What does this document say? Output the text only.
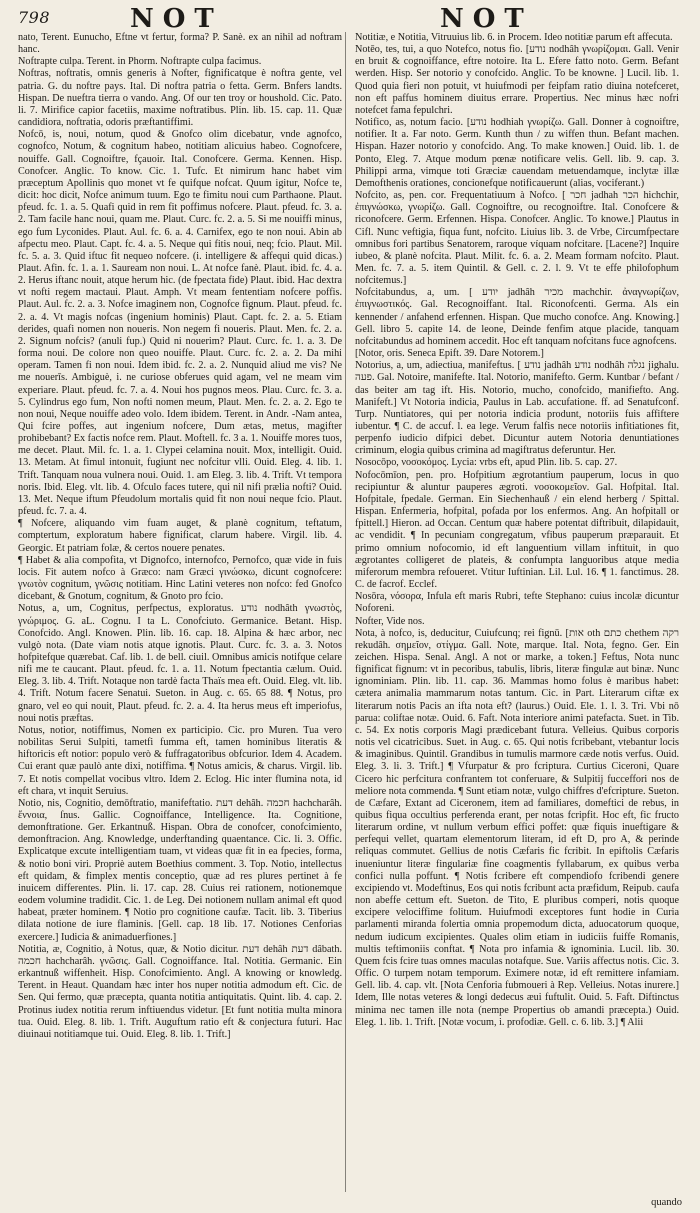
798	NOT	NOT

nato, Terent. Eunucho, Eftne vt fertur, forma? P. Sanè. ex an nihil ad noftram hanc.

Noftrapte culpa. Terent. in Phorm. Noftrapte culpa facimus.

Noftras, noftratis, omnis generis à Nofter, fignificatque è noftra gente, vel patria. G. du noftre pays. Ital. Di noftra patria o fetta. Germ. Bnfers landts. Hispan. De nueftra tierra o vando. Ang. Of our ten troy or houshold. Cic. Pato. li. 7. Mirifice capior facetiis, maxime noftratibus. Plin. lib. 15. cap. 11. Quæ candidiora, noftratia, odoris præftantiffimi.

Nofcō, is, noui, notum, quod & Gnofco olim dicebatur, vnde agnofco, cognofco, Notum, & cognitum habeo, notitiam alicuius habeo. Cognofcere, nouiffe. Gall. Cognoiftre, fçauoir. Ital. Conofcere. Germa. Kennen. Hisp. Conofcer. Anglic. To know. Cic. 1. Tufc. Et nimirum hanc habet vim præceptum Apollinis quo monet vt fe quifque nofcat. Quum igitur, Nofce te, dicit: hoc dicit, Nofce animum tuum. Ego te fimitu noui cum Parthaone. Plaut. pfeud. fc. 1. a. 5. Quafi quid in rem fit poffimus nofcere. Plaut. pfeud. fc. 3. a. 2. Tam facile hanc noui, quam me. Plaut. Curc. fc. 2. a. 5. Si me nouiffi minus, ego fum Lyconides. Plaut. Aul. fc. 6. a. 4. Carnifex, ego te non noui. Abin ab afpectu meo. Plaut. Capt. fc. 4. a. 5. Neque qui fitis noui, neq; fcio. Plaut. Mil. fc. 5. a. 3. Quid iftuc fit nequeo nofcere. (i. intelligere & affequi quid dicas.) Plaut. Afin. fc. 1. a. 1. Sauream non noui. L. At nofce fanè. Plaut. ibid. fc. 4. a. 2. Herus iftanc nouit, atque herum hic. (de fpectata fide) Plaut. ibid. Hac dextra vt nofti regem mactaui. Plaut. Amph. Vt meam fententiam nofcere poffis. Plaut. Aul. fc. 2. a. 3. Nofce imaginem non, Cognofce fignum. Plaut. pfeud. fc. 2. a. 4. Vt magis nofcas (ingenium hominis) Plaut. Capt. fc. 2. a. 5. Etiam derides, quafi nomen non noueris. Non negem fi noueris. Plaut. Men. fc. 2. a. 2. Signum nofcis? (anuli fup.) Quid ni nouerim? Plaut. Curc. fc. 1. a. 3. De forma noui. De colore non queo nouiffe. Plaut. Curc. fc. 2. a. 2. Da mihi operam. Tamen fi non noui. Idem ibid. fc. 2. a. 2. Nunquid aliud me vis? Ne me nouerīs. Ambiguè, i. ne curiose obferues quid agam, vel ne meam vim experiare. Plaut. pfeud. fc. 7. a. 4. Noui hos pugnos meos. Plau. Curc. fc. 3. a. 5. Cylindrus ego fum, Non nofti nomen meum, Plaut. Men. fc. 2. a. 2. Ego te non noui, Neque nouiffe adeo volo. Idem ibidem. Terent. in Andr. -Nam antea, Qui fcire poffes, aut ingenium nofcere, Dum ætas, metus, magifter prohibebant? Ex factis nofce rem. Plaut. Moftell. fc. 3 a. 1. Nouiffe mores tuos, me decet. Plaut. Mil. fc. 1. a. 1. Clypei celamina nouit. Mox, intelligit. Ouid. 13. Metam. At fimul intonuit, fugiunt nec nofcitur vlli. Ouid. Eleg. 4. lib. 1. Trift. Tanquam noua vulnera noui. Ouid. 1. am Eleg. 3. lib. 4. Trift. Vt tempora noris. Ibid. Eleg. vlt. lib. 4. Ofculo faces tutere, qui nil nifi prælia nofti? Ouid. 13. Met. Neque iftum Pfeudolum mortalis quid fit non noui neque fcio. Plaut. pfeud. fc. 7. a. 4.

¶ Nofcere, aliquando vim fuam auget, & planè cognitum, teftatum, comptertum, exploratum habere fignificat, clarum habere. Virgil. lib. 4. Georgic. Et patriam folæ, & certos nouere penates.

¶ Habet & alia compofita, vt Dignofco, internofco, Pernofco, quæ vide in fuis locis. Fit autem nofco à Græco: nam Græci γινώσκω, dicunt cognofcere: γνωτὸν cognitum, γνῶσις notitiam. Hinc Latini veteres non nofco: fed Gnofco dicebant, & Gnotum, cognitum, & Gnoto pro fcio.

Notus, a, um, Cognitus, perfpectus, exploratus. נודע nodhâth γνωστὸς, γνώριμος. G. aL. Cognu. I ta L. Conofciuto. Germanice. Betant. Hisp. Conofcido. Angl. Knowen. Plin. lib. 16. cap. 18. Alpina & hæc arbor, nec vulgò nota. (Date viam notis atque ignotis. Plaut. Curc. fc. 3. a. 3. Notos hofpitefque quærebat. Caf. lib. 1. de bell. ciuil. Omnibus amicis notifque celare nifi me te caucant. Plaut. pfeud. fc. 1. a. 11. Notum fpectantia cælum. Ouid. Eleg. 3. lib. 4. Trift. Notaque non tardè facta Thaïs mea eft. Ouid. Eleg. vlt. lib. 4. Trift. Notum facere Senatui. Sueton. in Aug. c. 65. 65 88. ¶ Notus, pro gnaro, vel eo qui nouit, Plaut. pfeud. fc. 2. a. 4. Ita herus meus eft imperiofus, noui notis præftas.

Notus, notior, notiffimus, Nomen ex participio. Cic. pro Muren. Tua vero nobilitas Serui Sulpiti, tametfi fumma eft, tamen hominibus literatis & hiftoricis eft notior: populo verò & fuffragatoribus obfcurior. Idem 4. Academ. Cui erant quæ paulò ante dixi, notiffima. ¶ Notus amicis, & charus. Virgil. lib. 7. Et notis compellat vocibus vltro. Idem 2. Eclog. Hic inter flumina nota, id eft chara, vt inquit Seruius.

Notio, nis, Cognitio, demōftratio, manifeftatio. דעת dehâh. חכמה hachcharâh. ἔννοια, ſnus. Gallic. Cognoiffance, Intelligence. Ita. Cognitione, demonftratione. Ger. Erkantnuß. Hispan. Obra de conofcer, conofcimiento, demonftracion. Ang. Knowledge, underftanding quaentance. Cic. li. 3. Offic. Explicatque excute intelligentiam tuam, vt videas quæ fit in ea fpecies, forma, & notio boni viri. Propriè autem Boethius comment. 3. Top. Notio, intellectus eft quidam, & fimplex mentis conceptio, quæ ad res plures pertinet à fe inuicem differentes. Plin. li. 17. cap. 28. Cuius rei rationem, notionemque eodem volumine tradidit. Cic. 1. de Leg. Dei notionem nullam animal eft quod habeat, præter hominem. ¶ Notio pro cognitione caufæ. Tacit. lib. 3. Tiberius dilata notione de iure flaminis. [Gell. cap. 18 lib. 17. Notiones Cenforias exercere.] Iudicia & animaduerfiones.]

Notitia, æ, Cognitio, à Notus, quæ, & Notio dicitur. דעת dehâh דעת dâbath. חכמה hachcharâh. γνῶσις. Gall. Cognoiffance. Ital. Notitia. Germanic. Ein erkantnuß wiffenheit. Hisp. Conofcimiento. Angl. A knowing or knowledg. Terent. in Heaut. Quandam hæc inter hos nuper notitia admodum eft. Cic. de Sen. Qui fermo, quæ præcepta, quanta notitia antiquitatis. Quint. lib. 4. cap. 2. Protinus iudex notitia rerum inftiuendus videtur. [Et funt notitia multa minora tua. Ouid. Eleg. 8. lib. 1. Trift. Auguftum ratio eft & conjectura futuri. Hac diuinaui notitiamque tui. Ouid. Eleg. 8. lib. 1. Trift.]

Notitiæ, e Notitia, Vitruuius lib. 6. in Procem. Ideo notitiæ parum eft affecuta.

Notēo, tes, tui, a quo Notefco, notus fio. [נודע nodhâh γνωρίζομαι. Gall. Venir en bruit & cognoiffance, eftre notoire. Ita L. Efere fatto noto. Germ. Befant werden. Hisp. Ser notorio y conofcido. Anglic. To be knowne. ] Lucil. lib. 1. Quod quia fieri non potuit, vt huiufmodi per feipfam ratio diuina notefceret, non eft paffus hominem diuitus errare. Propertius. Nec minus hæc nofri notefcet fama fepulchri.

Notifico, as, notum facio. [נודע hodhiah γνωρίζω. Gall. Donner à cognoiftre, notifier. It a. Far noto. Germ. Kunth thun / zu wiffen thun. Befant machen. Hispan. Hazer notorio y conofcido. Ang. To make knowen.] Ouid. lib. 1. de Ponto, Eleg. 7. Atque modum pœnæ notificare velis. Gell. lib. 9. cap. 3. Philippi arma, vimque toti Græciæ cauendam metuendamque, inclytæ illæ Demofthenis orationes, concionefque notificauerunt (alias, vociferant.)

Nofcito, as, pen. cor. Frequentatiuum à Nofco. [ חכר jadhah הכר hichchir, ἐπιγνώσκω, γνωρίζω. Gall. Cognoiftre, ou recognoiftre. Ital. Conofcere & riconofcere. Germ. Erfennen. Hispa. Conofcer. Anglic. To knowe.] Plautus in Cifl. Nunc veftigia, fiqua funt, nofcito. Liuius lib. 3. de Vrbe, Circumfpectare omnibus fori partibus Senatorem, raroque víquam nofcitare. [Lacene?] Inquire iubeo, & planè nofcita. Plaut. Milit. fc. 6. a. 2. Meam formam nofcito. Plaut. Men. fc. 7. a. 5. item Quintil. & Gell. c. 2. l. 9. Vt te effe philofophum nofcitemus.]

Nofcitabundus, a, um. [ יודע jadhâh מכיר machchir. ἀναγνωρίζων, ἐπιγνωστικός. Gal. Recognoiffant. Ital. Riconofcenti. Germa. Als ein kennender / anfahend erfennen. Hispan. Que mucho conofce. Ang. Knowing.] Gell. libro 5. capite 14. de leone, Deinde fenfim atque placide, tanquam nofcitabundus ad hominem accedit. Hoc eft tanquam nofcitans fuce agnofcens.

[Notor, oris. Seneca Epift. 39. Dare Notorem.]

Notorius, a, um, adiectiua, manifeftus. [ נודע jadhâh נודע nodhâh נגלה jighalu. פעה. Gal. Notoire, manifefte. Ital. Notorio, manifefto. Germ. Kuntbar / befant / das beiter am tag ift. His. Notorio, mucho, conofcido, manifiefto. Ang. Manifeft.] Vt Notoria indicia, Paulus in Lab. accufatione. ff. ad Senatufconf. Turp. Nuntiatores, qui per notoria indicia produnt, notoriis fuis affiftere iubentur. ¶ C. de accuf. l. ea lege. Verum falfis nece notoriis infitiationes fit, perpenfo iudicio difpici debet. Dicuntur autem Notoria denuntiationes criminum, elogia quibus crimina ad magiftratus deferuntur. Her.

Nosocōpo, νοσοκόμος. Lycia: vrbs eft, apud Plin. lib. 5. cap. 27.

Nofocōmīon, pen. pro. Hofpitium ægrotantium pauperum, locus in quo recipiuntur & aluntur pauperes ægroti. νοσοκομεῖον. Gal. Hofpital. Ital. Hofpitale, fpedale. German. Ein Siechenhauß / ein elend herberg / Spittal. Hispan. Enfermeria, hofpital, pofada por los enfermos. Ang. An hofpitall or fpittell.] Hieron. ad Occan. Centum quæ habere potentat diftribuit, dilapidauit, ac vendidit. ¶ In pecuniam congregatum, vfibus pauperum præparauit. Et primo omnium nofocomio, id eft languentium villam inftituit, in quo ægrotantes colligeret de plateis, & confumpta languoribus atque media miferorum membra refoueret. Vtitur Iuftinian. Lil. Lul. 16. ¶ 1. fanctimus. 28. C. de facrof. Ecclef.

Nosōra, νόσορα, Infula eft maris Rubri, tefte Stephano: cuius incolæ dicuntur Noforeni.

Nofter, Vide nos.

Nota, à nofco, is, deducitur, Cuiufcunq; rei fignū. [אות oth כתם chethem רקה rekudâh. σημεῖον, στίγμα. Gall. Note, marque. Ital. Nota, fegno. Ger. Ein zeichen. Hispa. Senal. Angl. A not or marke, a token.] Feftus, Nota nunc fignificat fignum: vt in pecoribus, tabulis, libris, literæ fingulæ aut binæ. Nunc ignominiam. Plin. lib. 11. cap. 36. Mammas homo folus è maribus habet: cætera animalia mammarum notas tantum. Cic. in Part. Literarum ciftæ ex literarum notis Pacis an ifta nota eft? (laurus.) Ouid. Ele. 1. l. 3. Tri. Vbi nō parua: coliftae notæ. Ouid. 6. Faft. Nota interiore animi patefacta. Suet. in Tib. c. 54. Ex notis corporis Magi prædicebant futura. Velleius. Quibus corporis notis vel cicatricibus. Suet. in Aug. c. 65. Qui notis fcribebant, vtebantur locis & imaginibus. Quintil. Grandibus in tumulis marmore cæde notis verfus. Ouid. Eleg. 3. li. 3. Trift.] ¶ Vfurpatur & pro fcriptura. Curtius Ciceroni, Quare Cicero hic perfcitura confrantem tot conferuare, & Sulpitij fucceffori nos de meliore nota commenda. ¶ Sunt etiam notæ, vulgo chiffres d'efcripture. Sueton. de Cæfare, Extant ad Ciceronem, item ad familiares, domeftici de rebus, in quibus fiqua occultius perferenda erant, per notas fcripfit. Hoc eft, fic fructo literarum ordine, vt nullum verbum effici poffet: quæ fiquis inueftigare & perfequi vellet, quartam elementorum literam, id eft D, pro A, & perinde reliquas commutet. Gellius de notis Cæfaris fic fcribit. In epiftolis Cæfaris inueniuntur literæ fingulariæ fine coagmentis fyllabarum, ex quibus verba confici nulla poffunt. ¶ Notis fcribere eft compendiofo fcribendi genere excipiendo vt. Modeftinus, Eos qui notis fcribunt acta præfidum, Reipub. caufa non abeffe cettum eft. Sueton. de Tito, E pluribus comperi, notis quoque excipere velociffime folitum. Huiufmodi exceptores funt hodie in Curia parlamenti miranda folertia omnia propemodum dicta, aduocatorum quoque, nedum iudicum excipientes. Quales olim etiam in iudiciis fuiffe Romanis, multis teftimoniis conftat. ¶ Nota pro infamia & ignominia. Lucil. lib. 30. Quem fcis fcire tuas omnes maculas notafque. Sue. Variis affectus notis. Cic. 3. Offic. O turpem notam temporum. Eximere notæ, id eft remittere infamiam. Gell. lib. 4. cap. vlt. [Nota Cenforia fubmoueri à Rep. Velleius. Notas inurere.] Idem, Ille notas veteres & longi dedecus æui fuftulit. Ouid. 5. Faft. Diftinctus minima nec tamen ille nota (nempe Propertius ob amandi præcepta.) Ouid. Eleg. 1. lib. 1. Trift. [Notæ vocum, i. profodiæ. Gell. c. 6. lib. 3.] ¶ Alii

quando
